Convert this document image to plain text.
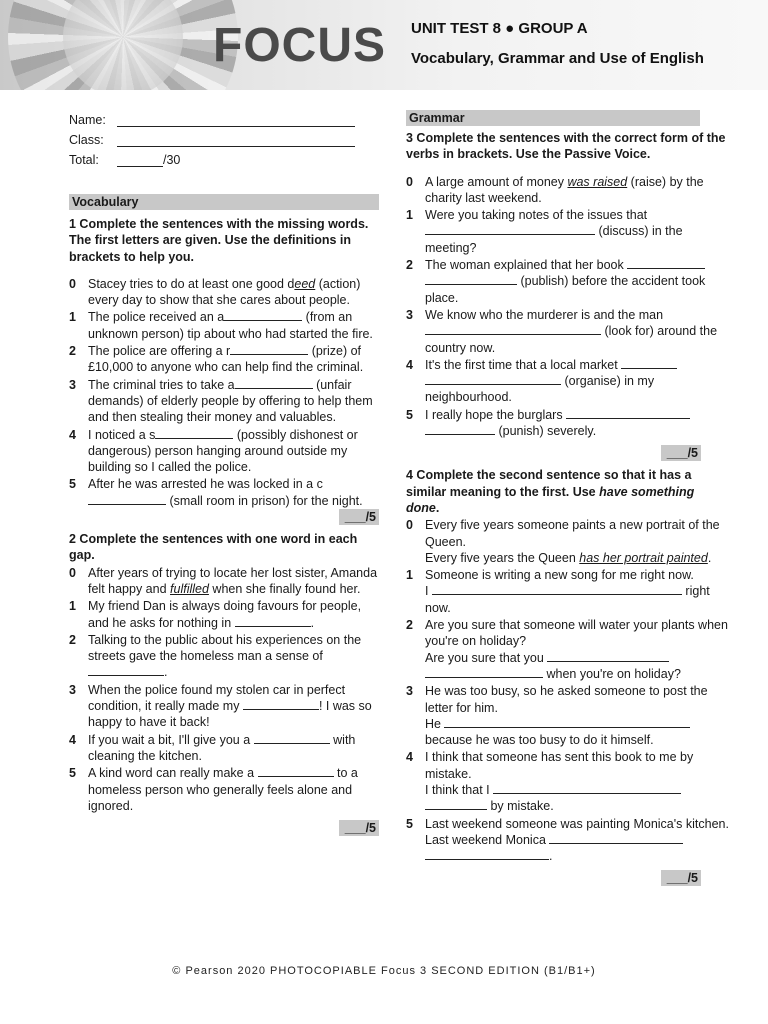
FOCUS UNIT TEST 8 ● GROUP A
Vocabulary, Grammar and Use of English
Name:
Class:
Total:	/30
Vocabulary
1 Complete the sentences with the missing words. The first letters are given. Use the definitions in brackets to help you.
0 Stacey tries to do at least one good deed (action) every day to show that she cares about people.
1 The police received an a	(from an unknown person) tip about who had started the fire.
2 The police are offering a r	(prize) of £10,000 to anyone who can help find the criminal.
3 The criminal tries to take a	(unfair demands) of elderly people by offering to help them and then stealing their money and valuables.
4 I noticed a s	(possibly dishonest or dangerous) person hanging around outside my building so I called the police.
5 After he was arrested he was locked in a c (small room in prison) for the night.
___/5
2 Complete the sentences with one word in each gap.
0 After years of trying to locate her lost sister, Amanda felt happy and fulfilled when she finally found her.
1 My friend Dan is always doing favours for people, and he asks for nothing in	.
2 Talking to the public about his experiences on the streets gave the homeless man a sense of .
3 When the police found my stolen car in perfect condition, it really made my	! I was so happy to have it back!
4 If you wait a bit, I'll give you a	with cleaning the kitchen.
5 A kind word can really make a	to a homeless person who generally feels alone and ignored.
___/5
Grammar
3 Complete the sentences with the correct form of the verbs in brackets. Use the Passive Voice.
0 A large amount of money was raised (raise) by the charity last weekend.
1 Were you taking notes of the issues that  (discuss) in the meeting?
2 The woman explained that her book   (publish) before the accident took place.
3 We know who the murderer is and the man  (look for) around the country now.
4 It's the first time that a local market   (organise) in my neighbourhood.
5 I really hope the burglars   (punish) severely.
___/5
4 Complete the second sentence so that it has a similar meaning to the first. Use have something done.
0 Every five years someone paints a new portrait of the Queen.
Every five years the Queen has her portrait painted.
1 Someone is writing a new song for me right now.
I	right now.
2 Are you sure that someone will water your plants when you're on holiday?
Are you sure that you   when you're on holiday?
3 He was too busy, so he asked someone to post the letter for him.
He  because he was too busy to do it himself.
4 I think that someone has sent this book to me by mistake.
I think that I   by mistake.
5 Last weekend someone was painting Monica's kitchen.
Last weekend Monica  .
___/5
© Pearson 2020 PHOTOCOPIABLE Focus 3 SECOND EDITION (B1/B1+)
